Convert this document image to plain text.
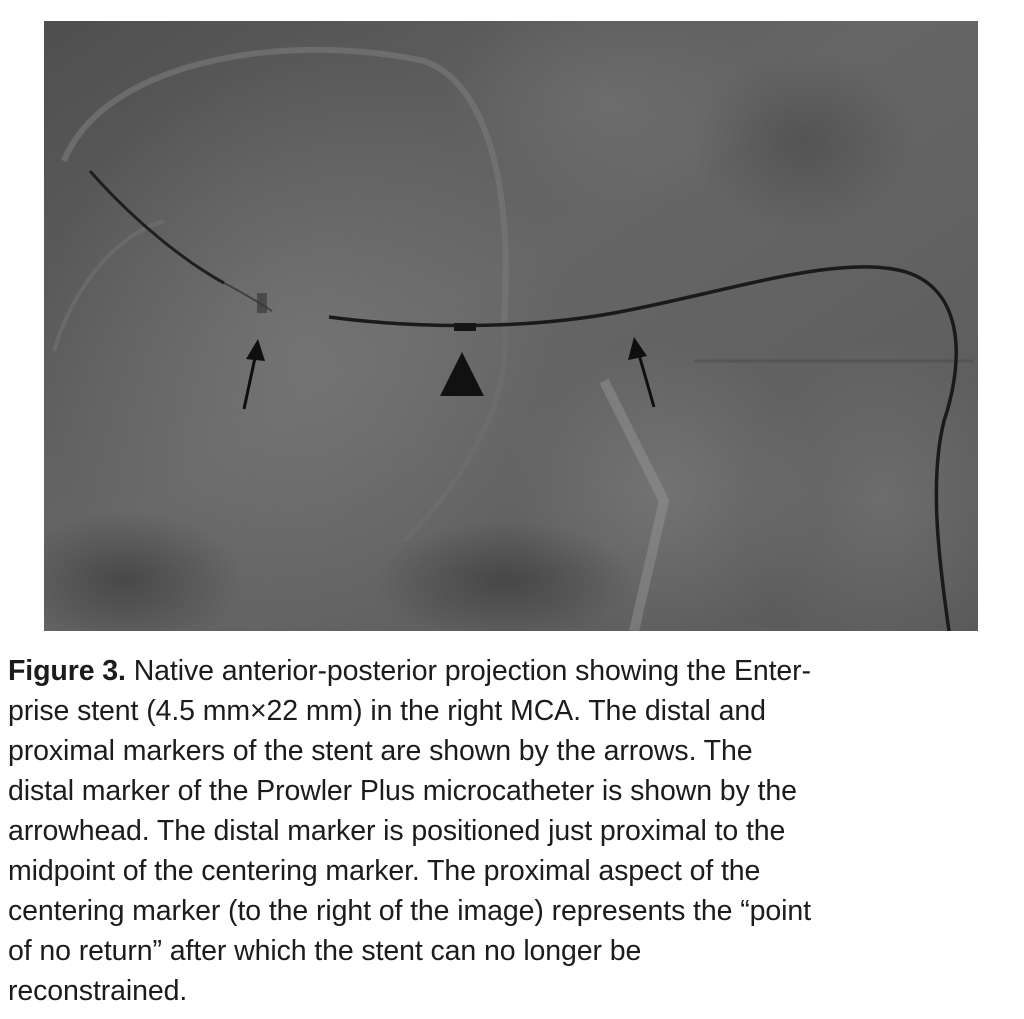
Figure 3. Native anterior-posterior projection showing the Enter-
prise stent (4.5 mm×22 mm) in the right MCA. The distal and
proximal markers of the stent are shown by the arrows. The
distal marker of the Prowler Plus microcatheter is shown by the
arrowhead. The distal marker is positioned just proximal to the
midpoint of the centering marker. The proximal aspect of the
centering marker (to the right of the image) represents the “point
of no return” after which the stent can no longer be
reconstrained.
